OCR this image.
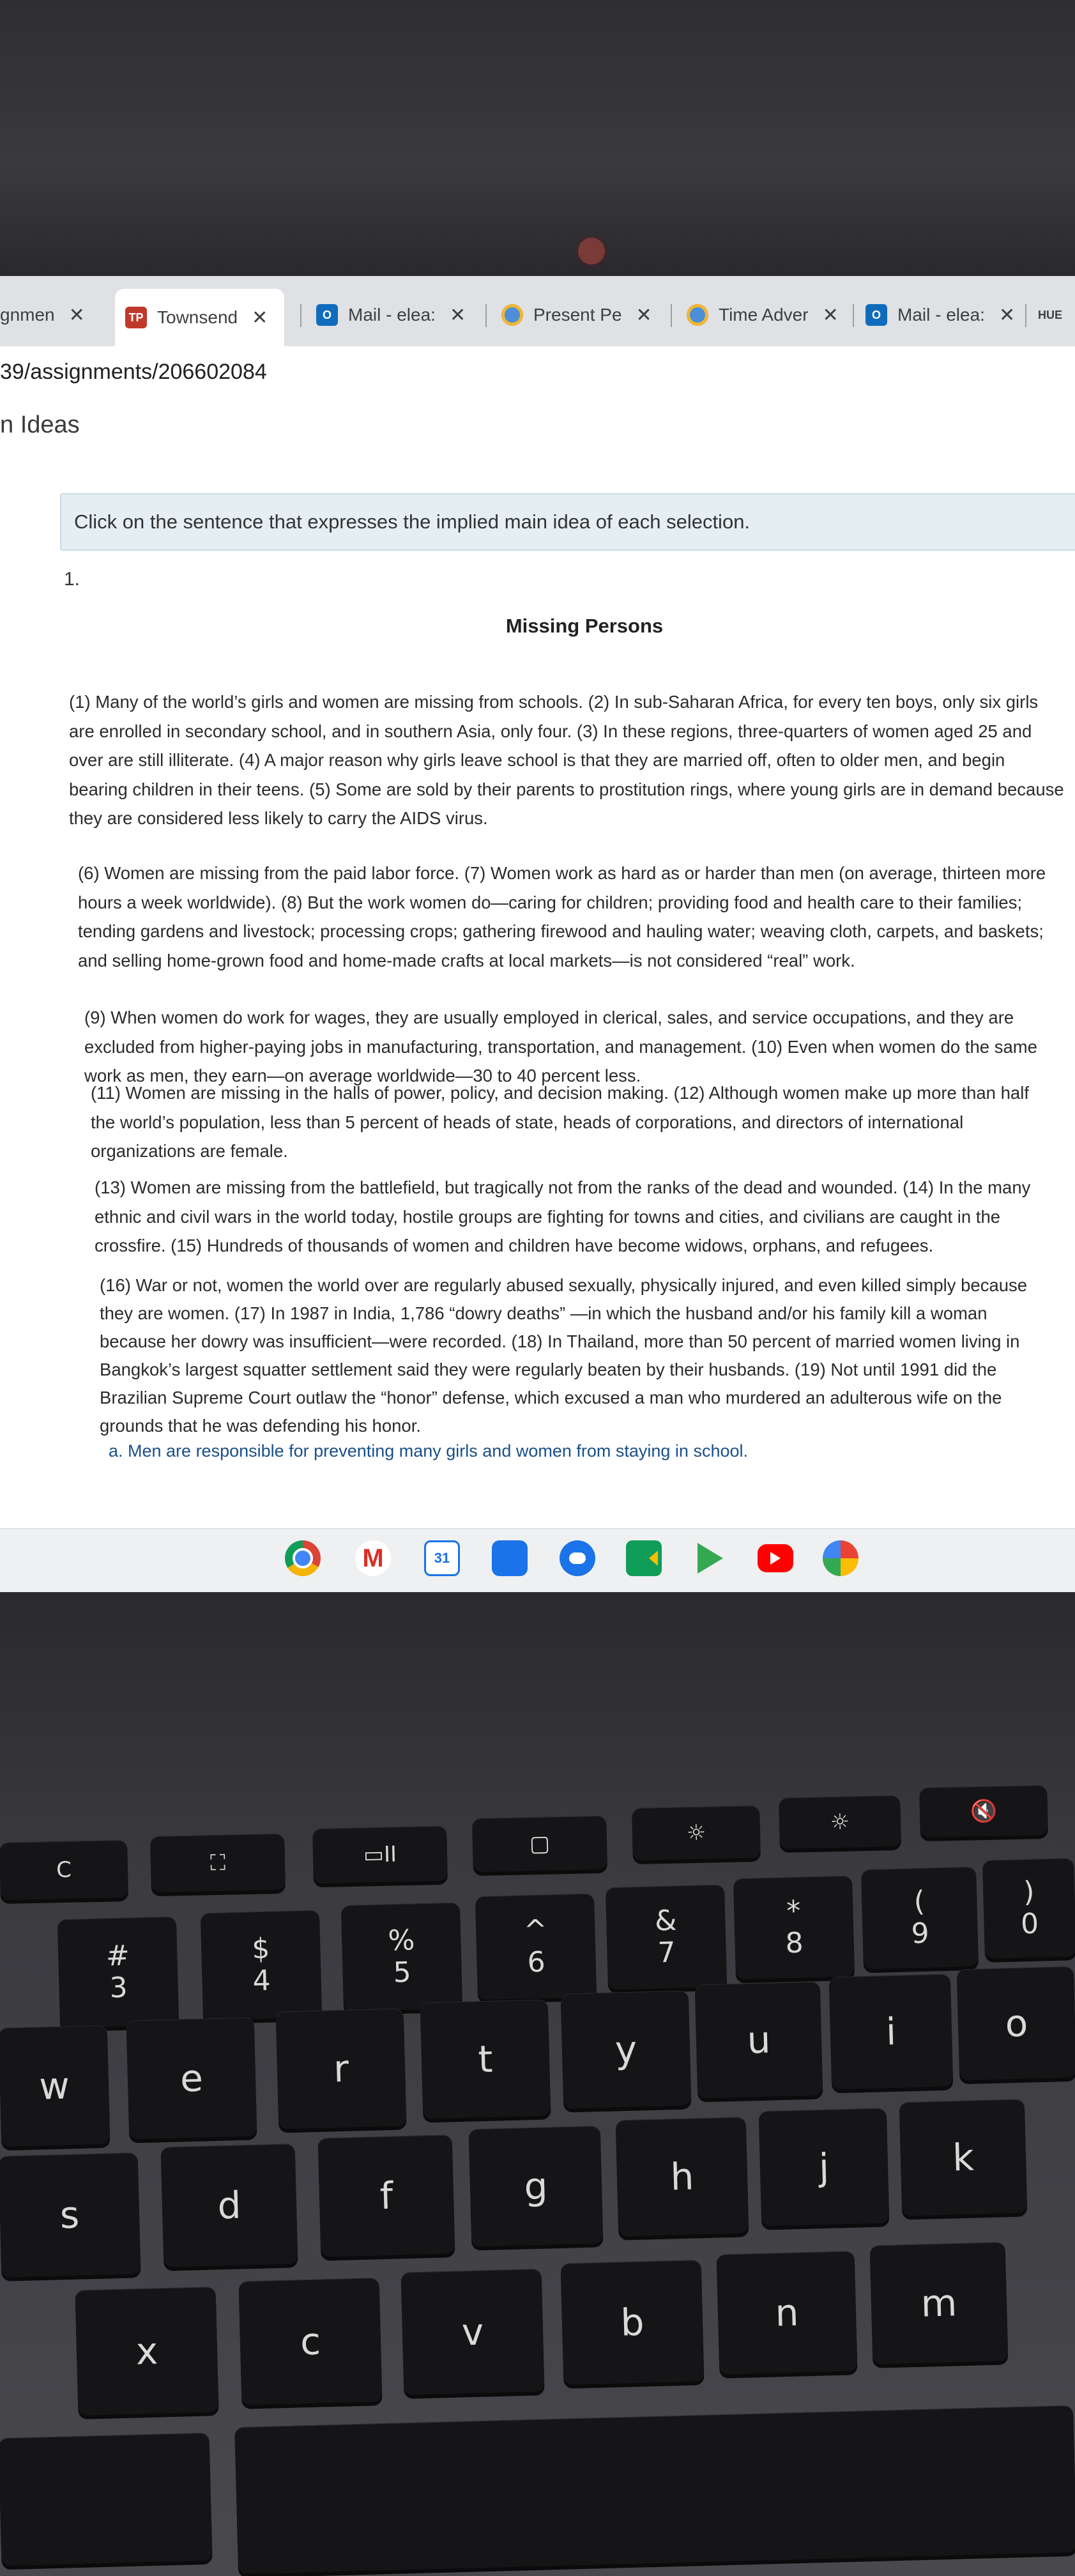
gnmen ✕	TP Townsend ✕	O Mail - elea: ✕	Present Pe ✕	Time Adver ✕	O Mail - elea: ✕ HUE
39/assignments/206602084
n Ideas
Click on the sentence that expresses the implied main idea of each selection.
1.
Missing Persons
(1) Many of the world’s girls and women are missing from schools. (2) In sub-Saharan Africa, for every ten boys, only six girls are enrolled in secondary school, and in southern Asia, only four. (3) In these regions, three-quarters of women aged 25 and over are still illiterate. (4) A major reason why girls leave school is that they are married off, often to older men, and begin bearing children in their teens. (5) Some are sold by their parents to prostitution rings, where young girls are in demand because they are considered less likely to carry the AIDS virus.
(6) Women are missing from the paid labor force. (7) Women work as hard as or harder than men (on average, thirteen more hours a week worldwide). (8) But the work women do—caring for children; providing food and health care to their families; tending gardens and livestock; processing crops; gathering firewood and hauling water; weaving cloth, carpets, and baskets; and selling home-grown food and home-made crafts at local markets—is not considered “real” work.
(9) When women do work for wages, they are usually employed in clerical, sales, and service occupations, and they are excluded from higher-paying jobs in manufacturing, transportation, and management. (10) Even when women do the same work as men, they earn—on average worldwide—30 to 40 percent less.
(11) Women are missing in the halls of power, policy, and decision making. (12) Although women make up more than half the world’s population, less than 5 percent of heads of state, heads of corporations, and directors of international organizations are female.
(13) Women are missing from the battlefield, but tragically not from the ranks of the dead and wounded. (14) In the many ethnic and civil wars in the world today, hostile groups are fighting for towns and cities, and civilians are caught in the crossfire. (15) Hundreds of thousands of women and children have become widows, orphans, and refugees.
(16) War or not, women the world over are regularly abused sexually, physically injured, and even killed simply because they are women. (17) In 1987 in India, 1,786 “dowry deaths” —in which the husband and/or his family kill a woman because her dowry was insufficient—were recorded. (18) In Thailand, more than 50 percent of married women living in Bangkok’s largest squatter settlement said they were regularly beaten by their husbands. (19) Not until 1991 did the Brazilian Supreme Court outlaw the “honor” defense, which excused a man who murdered an adulterous wife on the grounds that he was defending his honor.
a. Men are responsible for preventing many girls and women from staying in school.
M	31
C	⛶	▭II	▢	☼	☼	🔇
#
3
$
4
%
5
^
6
&
7
*
8
(
9
)
0
w	e	r	t	y	u	i	o
s	d	f	g	h	j	k
x	c	v	b	n	m
